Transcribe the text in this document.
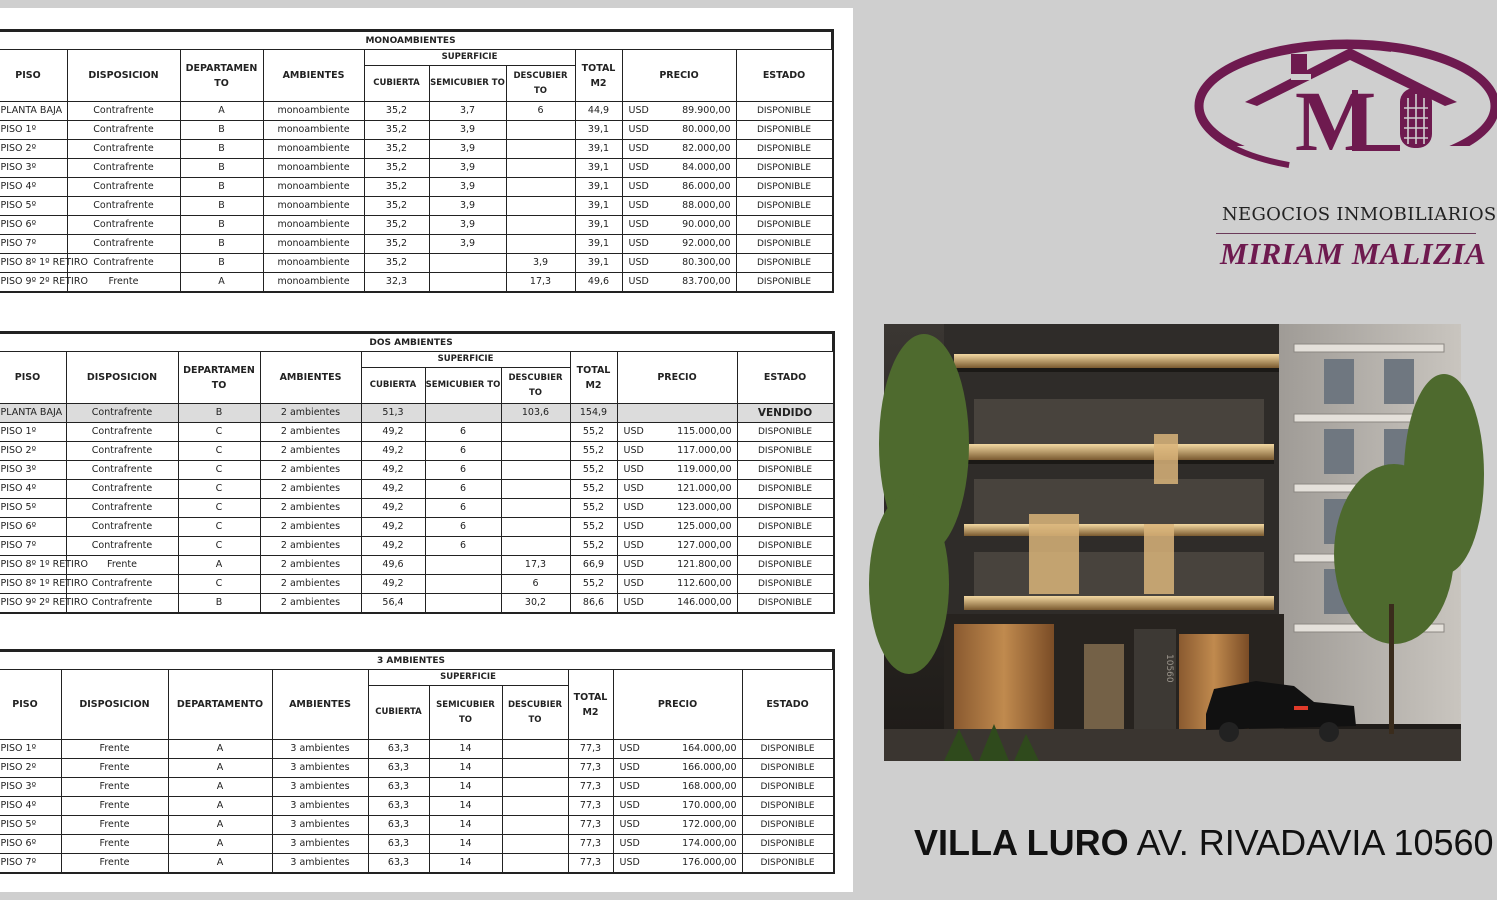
MONOAMBIENTES										
PISO	DISPOSICION	DEPARTAMEN TO	AMBIENTES	SUPERFICIE			TOTAL M2	PRECIO		ESTADO
				CUBIERTA	SEMICUBIER TO	DESCUBIER TO				
PLANTA BAJA	Contrafrente	A	monoambiente	35,2	3,7	6	44,9	USD	89.900,00	DISPONIBLE
PISO 1º	Contrafrente	B	monoambiente	35,2	3,9		39,1	USD	80.000,00	DISPONIBLE
PISO 2º	Contrafrente	B	monoambiente	35,2	3,9		39,1	USD	82.000,00	DISPONIBLE
PISO 3º	Contrafrente	B	monoambiente	35,2	3,9		39,1	USD	84.000,00	DISPONIBLE
PISO 4º	Contrafrente	B	monoambiente	35,2	3,9		39,1	USD	86.000,00	DISPONIBLE
PISO 5º	Contrafrente	B	monoambiente	35,2	3,9		39,1	USD	88.000,00	DISPONIBLE
PISO 6º	Contrafrente	B	monoambiente	35,2	3,9		39,1	USD	90.000,00	DISPONIBLE
PISO 7º	Contrafrente	B	monoambiente	35,2	3,9		39,1	USD	92.000,00	DISPONIBLE
PISO 8º 1º RETIRO	Contrafrente	B	monoambiente	35,2		3,9	39,1	USD	80.300,00	DISPONIBLE
PISO 9º 2º RETIRO	Frente	A	monoambiente	32,3		17,3	49,6	USD	83.700,00	DISPONIBLE
DOS AMBIENTES										
PISO	DISPOSICION	DEPARTAMEN TO	AMBIENTES	SUPERFICIE			TOTAL M2	PRECIO		ESTADO
				CUBIERTA	SEMICUBIER TO	DESCUBIER TO				
PLANTA BAJA	Contrafrente	B	2 ambientes	51,3		103,6	154,9			VENDIDO
PISO 1º	Contrafrente	C	2 ambientes	49,2	6		55,2	USD	115.000,00	DISPONIBLE
PISO 2º	Contrafrente	C	2 ambientes	49,2	6		55,2	USD	117.000,00	DISPONIBLE
PISO 3º	Contrafrente	C	2 ambientes	49,2	6		55,2	USD	119.000,00	DISPONIBLE
PISO 4º	Contrafrente	C	2 ambientes	49,2	6		55,2	USD	121.000,00	DISPONIBLE
PISO 5º	Contrafrente	C	2 ambientes	49,2	6		55,2	USD	123.000,00	DISPONIBLE
PISO 6º	Contrafrente	C	2 ambientes	49,2	6		55,2	USD	125.000,00	DISPONIBLE
PISO 7º	Contrafrente	C	2 ambientes	49,2	6		55,2	USD	127.000,00	DISPONIBLE
PISO 8º 1º RETIRO	Frente	A	2 ambientes	49,6		17,3	66,9	USD	121.800,00	DISPONIBLE
PISO 8º 1º RETIRO	Contrafrente	C	2 ambientes	49,2		6	55,2	USD	112.600,00	DISPONIBLE
PISO 9º 2º RETIRO	Contrafrente	B	2 ambientes	56,4		30,2	86,6	USD	146.000,00	DISPONIBLE
3 AMBIENTES										
PISO	DISPOSICION	DEPARTAMENTO	AMBIENTES	SUPERFICIE			TOTAL M2	PRECIO		ESTADO
				CUBIERTA	SEMICUBIER TO	DESCUBIER TO				
PISO 1º	Frente	A	3 ambientes	63,3	14		77,3	USD	164.000,00	DISPONIBLE
PISO 2º	Frente	A	3 ambientes	63,3	14		77,3	USD	166.000,00	DISPONIBLE
PISO 3º	Frente	A	3 ambientes	63,3	14		77,3	USD	168.000,00	DISPONIBLE
PISO 4º	Frente	A	3 ambientes	63,3	14		77,3	USD	170.000,00	DISPONIBLE
PISO 5º	Frente	A	3 ambientes	63,3	14		77,3	USD	172.000,00	DISPONIBLE
PISO 6º	Frente	A	3 ambientes	63,3	14		77,3	USD	174.000,00	DISPONIBLE
PISO 7º	Frente	A	3 ambientes	63,3	14		77,3	USD	176.000,00	DISPONIBLE
M
NEGOCIOS INMOBILIARIOS
MIRIAM MALIZIA
10560
VILLA LURO AV. RIVADAVIA 10560
